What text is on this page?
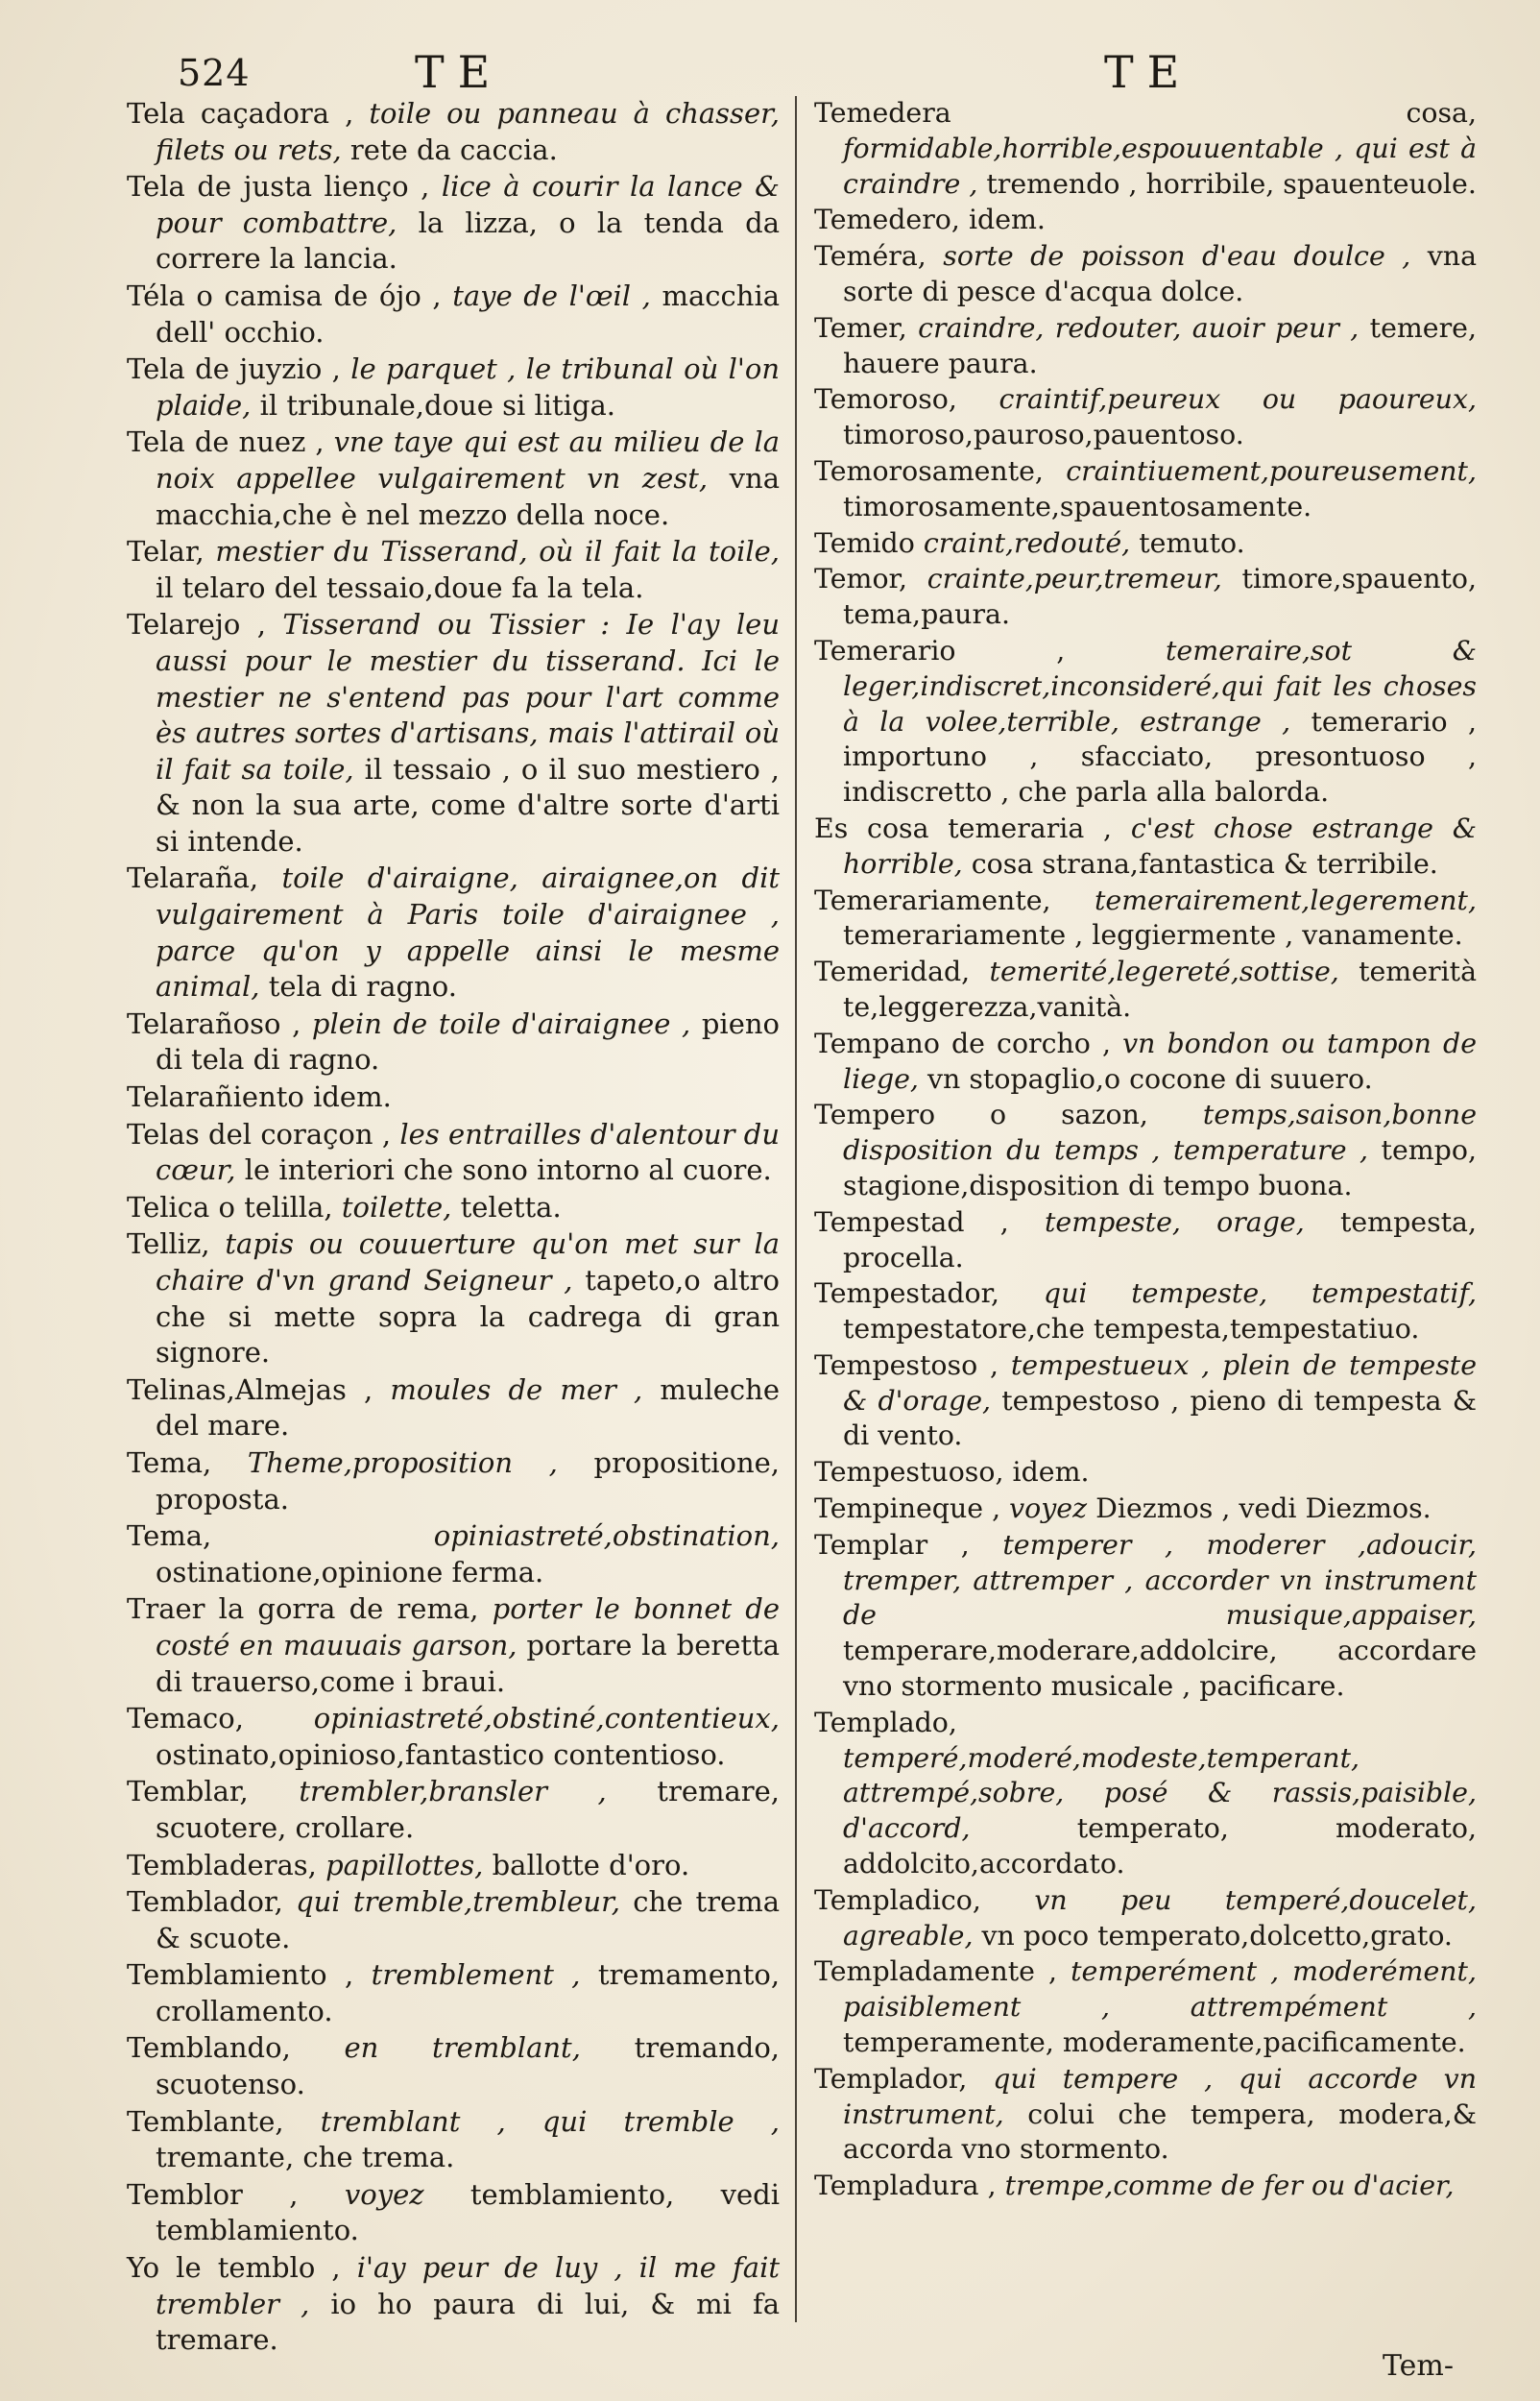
524	TE	TE

Tela caçadora , toile ou panneau à chasser, filets ou rets, rete da caccia.

Tela de justa lienço , lice à courir la lance & pour combattre, la lizza, o la tenda da correre la lancia.

Téla o camisa de ójo , taye de l'œil , macchia dell' occhio.

Tela de juyzio , le parquet , le tribunal où l'on plaide, il tribunale,doue si litiga.

Tela de nuez , vne taye qui est au milieu de la noix appellee vulgairement vn zest, vna macchia,che è nel mezzo della noce.

Telar, mestier du Tisserand, où il fait la toile, il telaro del tessaio,doue fa la tela.

Telarejo , Tisserand ou Tissier : Ie l'ay leu aussi pour le mestier du tisserand. Ici le mestier ne s'entend pas pour l'art comme ès autres sortes d'artisans, mais l'attirail où il fait sa toile, il tessaio , o il suo mestiero , & non la sua arte, come d'altre sorte d'arti si intende.

Telaraña, toile d'airaigne, airaignee,on dit vulgairement à Paris toile d'airaignee , parce qu'on y appelle ainsi le mesme animal, tela di ragno.

Telarañoso , plein de toile d'airaignee , pieno di tela di ragno.

Telarañiento idem.

Telas del coraçon , les entrailles d'alentour du cœur, le interiori che sono intorno al cuore.

Telica o telilla, toilette, teletta.

Telliz, tapis ou couuerture qu'on met sur la chaire d'vn grand Seigneur , tapeto,o altro che si mette sopra la cadrega di gran signore.

Telinas,Almejas , moules de mer , muleche del mare.

Tema, Theme,proposition , propositione, proposta.

Tema,	opiniastreté,obstination, ostinatione,opinione ferma.

Traer la gorra de rema, porter le bonnet de costé en mauuais garson, portare la beretta di trauerso,come i braui.

Temaco,	opiniastreté,obstiné,contentieux, ostinato,opinioso,fantastico contentioso.

Temblar, trembler,bransler , tremare, scuotere, crollare.

Tembladeras, papillottes, ballotte d'oro.

Temblador, qui tremble,trembleur, che trema & scuote.

Temblamiento , tremblement , tremamento, crollamento.

Temblando, en tremblant, tremando, scuotenso.

Temblante, tremblant , qui tremble , tremante, che trema.

Temblor , voyez temblamiento, vedi temblamiento.

Yo le temblo , i'ay peur de luy , il me fait trembler , io ho paura di lui, & mi fa tremare.

Temedera cosa, formidable,horrible,espouuentable , qui est à craindre , tremendo , horribile, spauenteuole.

Temedero, idem.

Teméra, sorte de poisson d'eau doulce , vna sorte di pesce d'acqua dolce.

Temer, craindre, redouter, auoir peur , temere, hauere paura.

Temoroso, craintif,peureux ou paoureux, timoroso,pauroso,pauentoso.

Temorosamente, craintiuement,poureusement, timorosamente,spauentosamente.

Temido craint,redouté, temuto.

Temor, crainte,peur,tremeur, timore,spauento, tema,paura.

Temerario ,	temeraire,sot & leger,indiscret,inconsideré,qui fait les choses à la volee,terrible, estrange , temerario , importuno , sfacciato, presontuoso , indiscretto , che parla alla balorda.

Es cosa temeraria , c'est chose estrange & horrible, cosa strana,fantastica & terribile.

Temerariamente, temerairement,legerement, temerariamente , leggiermente , vanamente.

Temeridad, temerité,legereté,sottise, temerità te,leggerezza,vanità.

Tempano de corcho , vn bondon ou tampon de liege, vn stopaglio,o cocone di suuero.

Tempero o sazon, temps,saison,bonne disposition du temps , temperature , tempo, stagione,disposition di tempo buona.

Tempestad , tempeste, orage, tempesta, procella.

Tempestador, qui tempeste, tempestatif, tempestatore,che tempesta,tempestatiuo.

Tempestoso , tempestueux , plein de tempeste & d'orage, tempestoso , pieno di tempesta & di vento.

Tempestuoso, idem.

Tempineque , voyez Diezmos , vedi Diezmos.

Templar , temperer , moderer ,adoucir, tremper, attremper , accorder vn instrument de musique,appaiser, temperare,moderare,addolcire, accordare vno stormento musicale , pacificare.

Templado, temperé,moderé,modeste,temperant, attrempé,sobre, posé & rassis,paisible, d'accord,	temperato, moderato, addolcito,accordato.

Templadico, vn peu temperé,doucelet, agreable, vn poco temperato,dolcetto,grato.

Templadamente , temperément , moderément, paisiblement , attrempément , temperamente, moderamente,pacificamente.

Templador, qui tempere , qui accorde vn instrument, colui che tempera, modera,& accorda vno stormento.

Templadura , trempe,comme de fer ou d'acier,

Tem-
